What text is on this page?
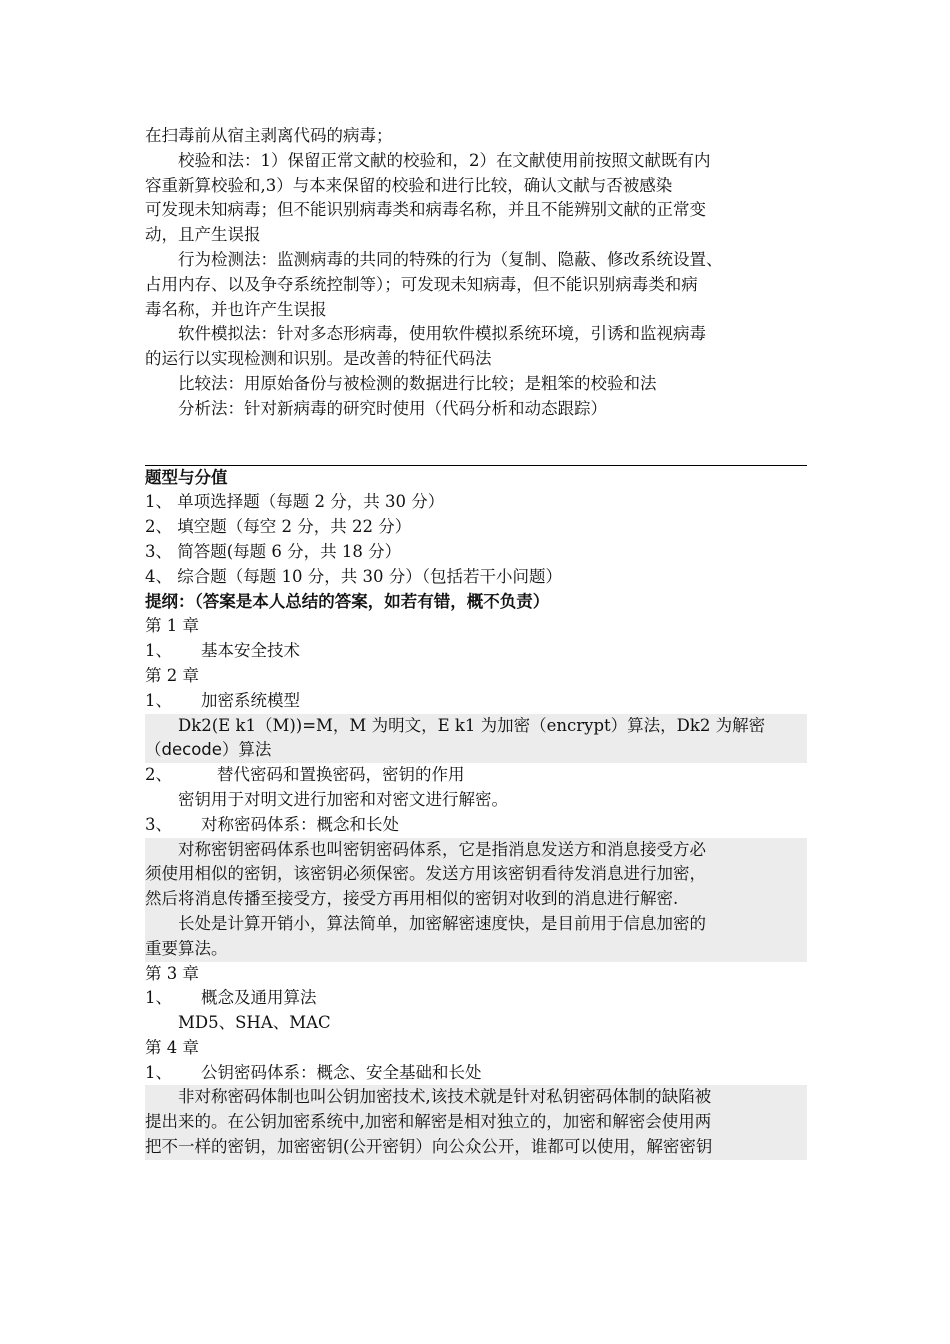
在扫毒前从宿主剥离代码的病毒；
校验和法：1）保留正常文献的校验和，2）在文献使用前按照文献既有内
容重新算校验和,3）与本来保留的校验和进行比较，确认文献与否被感染
可发现未知病毒；但不能识别病毒类和病毒名称，并且不能辨别文献的正常变
动，且产生误报
行为检测法：监测病毒的共同的特殊的行为（复制、隐蔽、修改系统设置、
占用内存、以及争夺系统控制等）；可发现未知病毒，但不能识别病毒类和病
毒名称，并也许产生误报
软件模拟法：针对多态形病毒，使用软件模拟系统环境，引诱和监视病毒
的运行以实现检测和识别。是改善的特征代码法
比较法：用原始备份与被检测的数据进行比较；是粗笨的校验和法
分析法：针对新病毒的研究时使用（代码分析和动态跟踪）
题型与分值
1、 单项选择题（每题 2 分，共 30 分）
2、 填空题（每空 2 分，共 22 分）
3、 简答题(每题 6 分，共 18 分）
4、 综合题（每题 10 分，共 30 分）（包括若干小问题）
提纲：（答案是本人总结的答案，如若有错，概不负责）
第 1 章
1、 基本安全技术
第 2 章
1、 加密系统模型
Dk2(E k1（M))=M，M 为明文，E k1 为加密（encrypt）算法，Dk2 为解密
（decode）算法
2、	替代密码和置换密码，密钥的作用
密钥用于对明文进行加密和对密文进行解密。
3、 对称密码体系：概念和长处
对称密钥密码体系也叫密钥密码体系，它是指消息发送方和消息接受方必
须使用相似的密钥，该密钥必须保密。发送方用该密钥看待发消息进行加密，
然后将消息传播至接受方，接受方再用相似的密钥对收到的消息进行解密.
长处是计算开销小，算法简单，加密解密速度快，是目前用于信息加密的
重要算法。
第 3 章
1、 概念及通用算法
MD5、SHA、MAC
第 4 章
1、 公钥密码体系：概念、安全基础和长处
非对称密码体制也叫公钥加密技术,该技术就是针对私钥密码体制的缺陷被
提出来的。在公钥加密系统中,加密和解密是相对独立的，加密和解密会使用两
把不一样的密钥，加密密钥(公开密钥）向公众公开，谁都可以使用，解密密钥
